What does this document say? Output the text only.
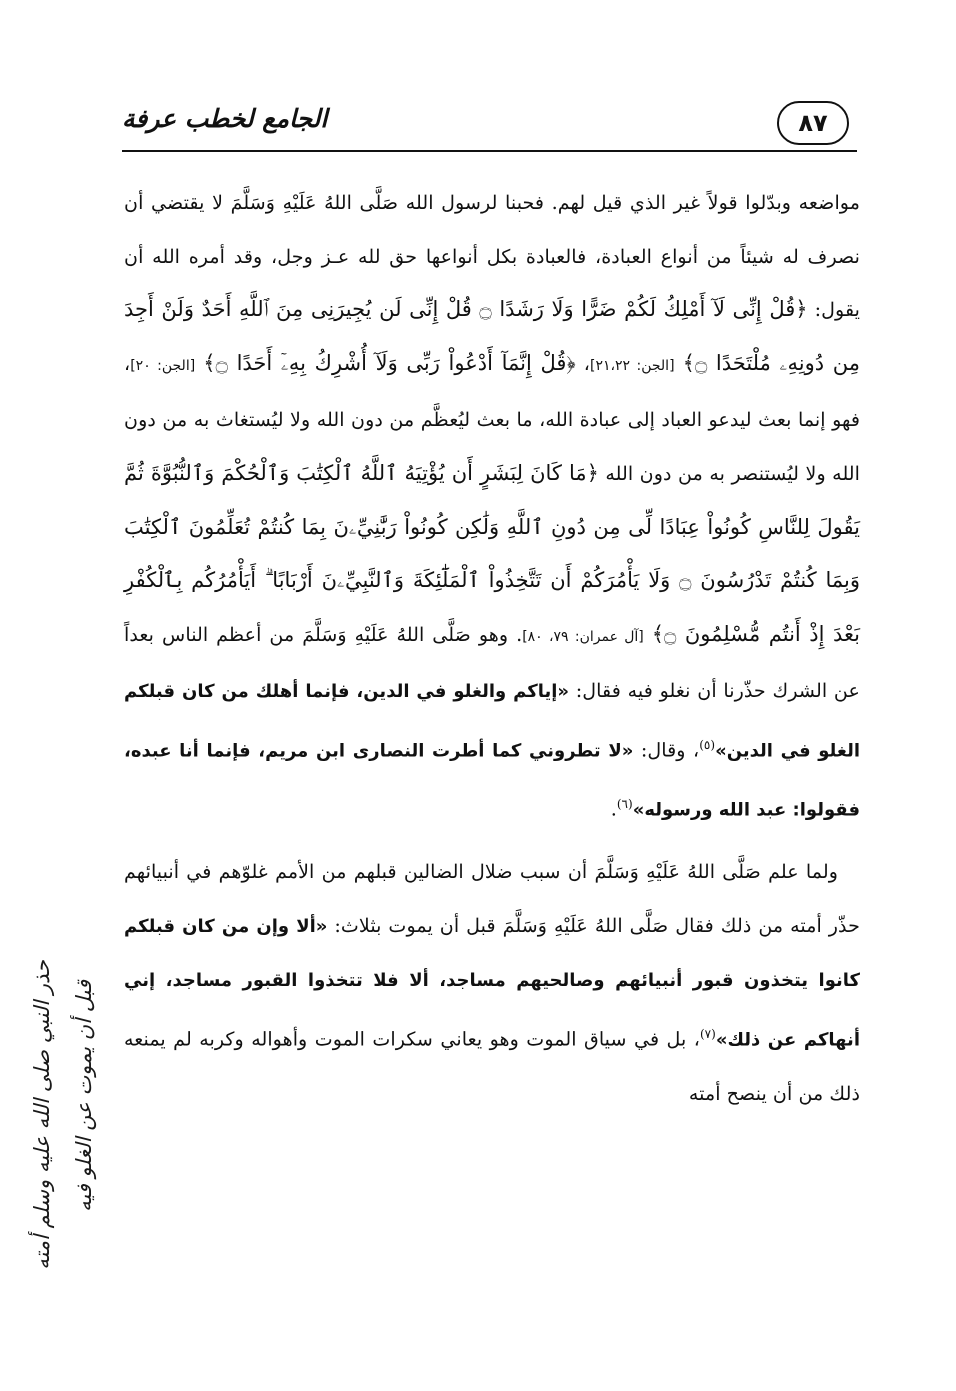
الجامع لخطب عرفة	٨٧

مواضعه وبدّلوا قولاً غير الذي قيل لهم. فحبنا لرسول الله صَلَّى اللهُ عَلَيْهِ وَسَلَّمَ لا يقتضي أن نصرف له شيئاً من أنواع العبادة، فالعبادة بكل أنواعها حق لله عـز وجل، وقد أمره الله أن يقول: ﴿قُلْ إِنِّى لَآ أَمْلِكُ لَكُمْ ضَرًّا وَلَا رَشَدًا ۝ قُلْ إِنِّى لَن يُجِيرَنِى مِنَ ٱللَّهِ أَحَدٌ وَلَنْ أَجِدَ مِن دُونِهِۦ مُلْتَحَدًا ۝﴾ [الجن: ٢١،٢٢]، ﴿قُلْ إِنَّمَآ أَدْعُواْ رَبِّى وَلَآ أُشْرِكُ بِهِۦٓ أَحَدًا ۝﴾ [الجن: ٢٠]، فهو إنما بعث ليدعو العباد إلى عبادة الله، ما بعث ليُعظَّم من دون الله ولا ليُستغاث به من دون الله ولا ليُستنصر به من دون الله ﴿مَا كَانَ لِبَشَرٍ أَن يُؤْتِيَهُ ٱللَّهُ ٱلْكِتَٰبَ وَٱلْحُكْمَ وَٱلنُّبُوَّةَ ثُمَّ يَقُولَ لِلنَّاسِ كُونُواْ عِبَادًا لِّى مِن دُونِ ٱللَّهِ وَلَٰكِن كُونُواْ رَبَّٰنِيِّۦنَ بِمَا كُنتُمْ تُعَلِّمُونَ ٱلْكِتَٰبَ وَبِمَا كُنتُمْ تَدْرُسُونَ ۝ وَلَا يَأْمُرَكُمْ أَن تَتَّخِذُواْ ٱلْمَلَٰٓئِكَةَ وَٱلنَّبِيِّۦنَ أَرْبَابًا ۗ أَيَأْمُرُكُم بِٱلْكُفْرِ بَعْدَ إِذْ أَنتُم مُّسْلِمُونَ ۝﴾ [آل عمران: ٧٩، ٨٠]. وهو صَلَّى اللهُ عَلَيْهِ وَسَلَّمَ من أعظم الناس بعداً عن الشرك حذّرنا أن نغلو فيه فقال: «إياكم والغلو في الدين، فإنما أهلك من كان قبلكم الغلو في الدين»$^{(٥)}$، وقال: «لا تطروني كما أطرت النصارى ابن مريم، فإنما أنا عبده، فقولوا: عبد الله ورسوله»$^{(٦)}$.

ولما علم صَلَّى اللهُ عَلَيْهِ وَسَلَّمَ أن سبب ضلال الضالين قبلهم من الأمم غلوّهم في أنبيائهم حذّر أمته من ذلك فقال صَلَّى اللهُ عَلَيْهِ وَسَلَّمَ قبل أن يموت بثلاث: «ألا وإن من كان قبلكم كانوا يتخذون قبور أنبيائهم وصالحيهم مساجد، ألا فلا تتخذوا القبور مساجد، إني أنهاكم عن ذلك»$^{(٧)}$، بل في سياق الموت وهو يعاني سكرات الموت وأهواله وكربه لم يمنعه ذلك من أن ينصح أمته

حذر النبي صلى الله عليه وسلم أمته قبل أن يموت عن الغلو فيه
